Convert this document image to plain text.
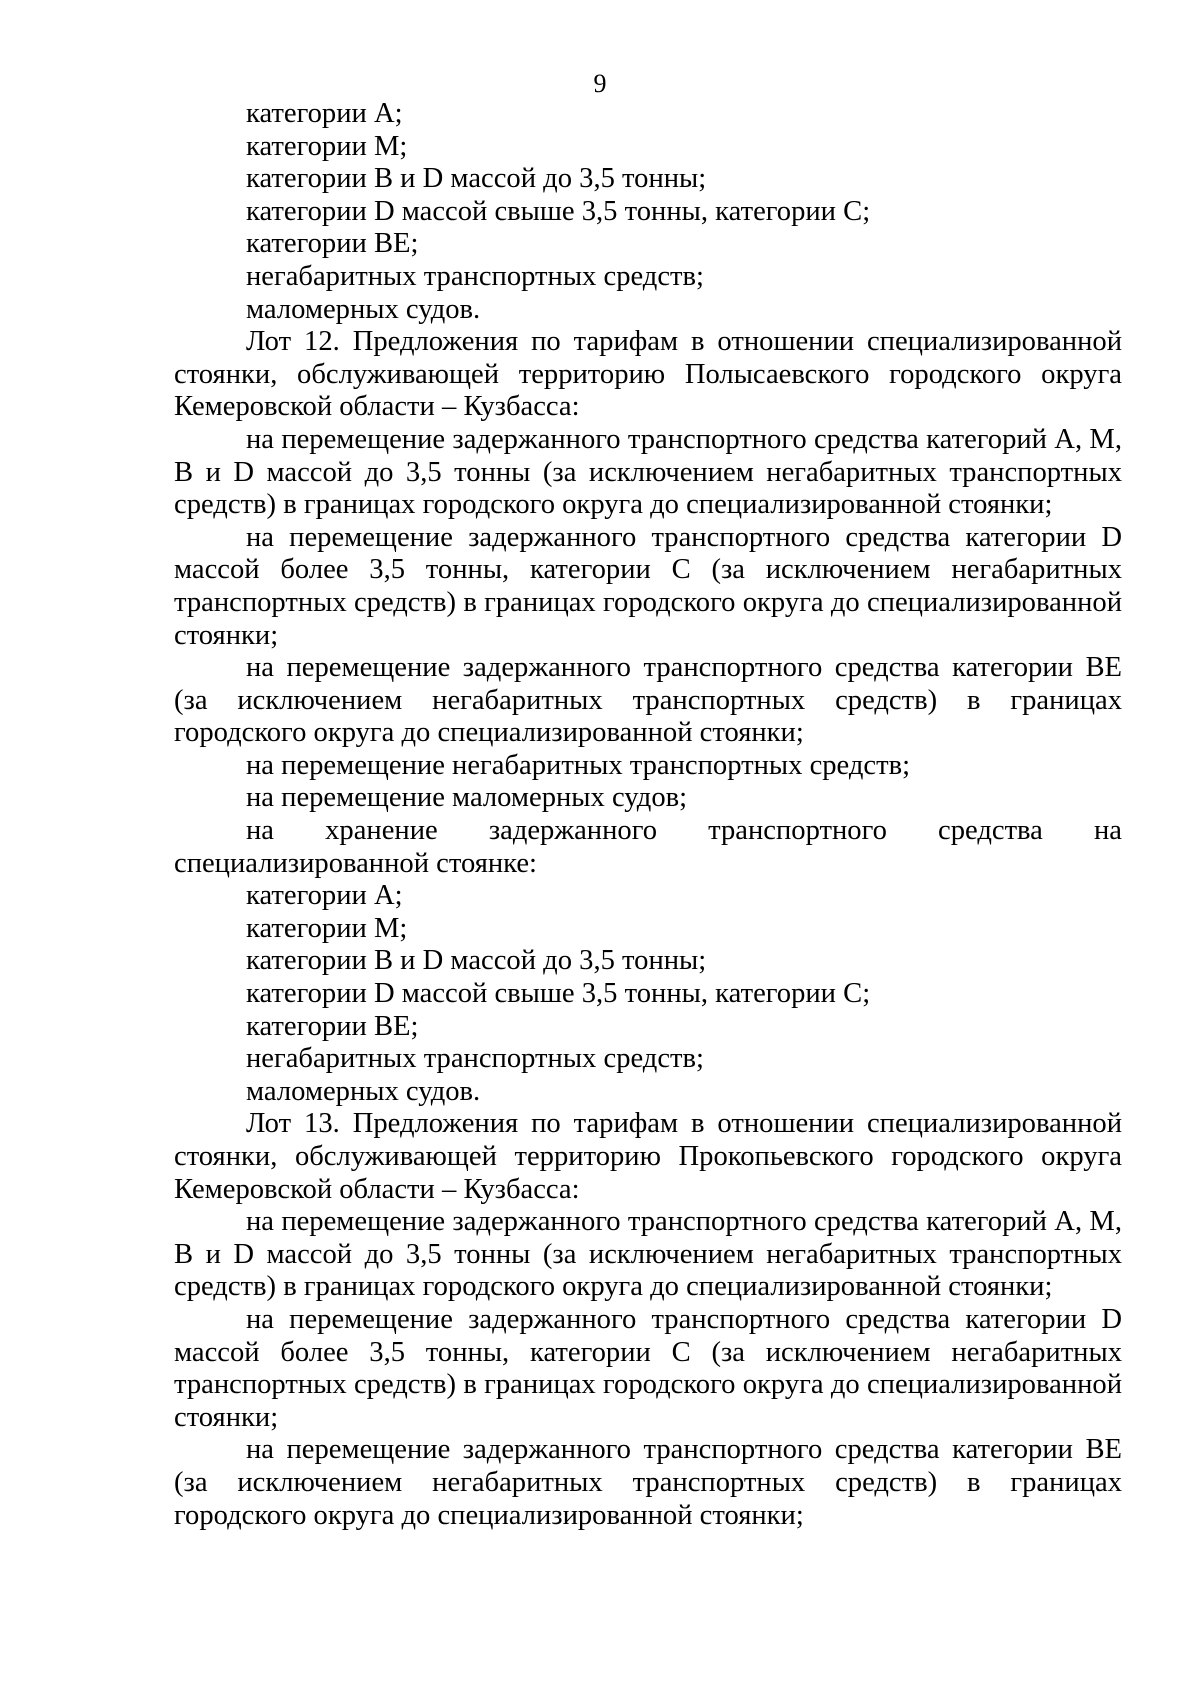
9

категории А;

категории М;

категории В и D массой до 3,5 тонны;

категории D массой свыше 3,5 тонны, категории С;

категории ВЕ;

негабаритных транспортных средств;

маломерных судов.

Лот 12. Предложения по тарифам в отношении специализированной стоянки, обслуживающей территорию Полысаевского городского округа Кемеровской области – Кузбасса:

на перемещение задержанного транспортного средства категорий А, М, В и D массой до 3,5 тонны (за исключением негабаритных транспортных средств) в границах городского округа до специализированной стоянки;

на перемещение задержанного транспортного средства категории D массой более 3,5 тонны, категории С (за исключением негабаритных транспортных средств) в границах городского округа до специализированной стоянки;

на перемещение задержанного транспортного средства категории ВЕ (за исключением негабаритных транспортных средств) в границах городского округа до специализированной стоянки;

на перемещение негабаритных транспортных средств;

на перемещение маломерных судов;

на хранение задержанного транспортного средства на специализированной стоянке:

категории А;

категории М;

категории В и D массой до 3,5 тонны;

категории D массой свыше 3,5 тонны, категории С;

категории ВЕ;

негабаритных транспортных средств;

маломерных судов.

Лот 13. Предложения по тарифам в отношении специализированной стоянки, обслуживающей территорию Прокопьевского городского округа Кемеровской области – Кузбасса:

на перемещение задержанного транспортного средства категорий А, М, В и D массой до 3,5 тонны (за исключением негабаритных транспортных средств) в границах городского округа до специализированной стоянки;

на перемещение задержанного транспортного средства категории D массой более 3,5 тонны, категории С (за исключением негабаритных транспортных средств) в границах городского округа до специализированной стоянки;

на перемещение задержанного транспортного средства категории ВЕ (за исключением негабаритных транспортных средств) в границах городского округа до специализированной стоянки;
